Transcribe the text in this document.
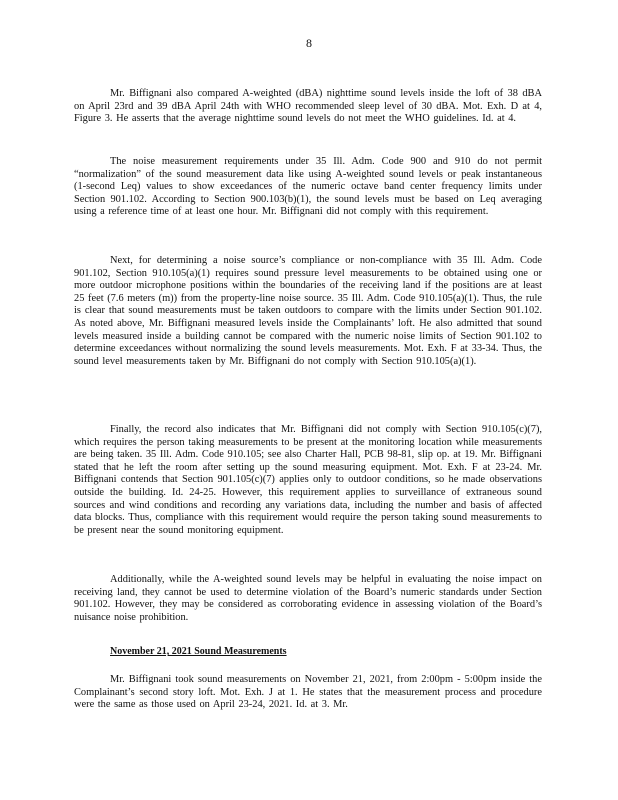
8

Mr. Biffignani also compared A-weighted (dBA) nighttime sound levels inside the loft of 38 dBA on April 23rd and 39 dBA April 24th with WHO recommended sleep level of 30 dBA. Mot. Exh. D at 4, Figure 3. He asserts that the average nighttime sound levels do not meet the WHO guidelines. Id. at 4.

The noise measurement requirements under 35 Ill. Adm. Code 900 and 910 do not permit “normalization” of the sound measurement data like using A-weighted sound levels or peak instantaneous (1-second Leq) values to show exceedances of the numeric octave band center frequency limits under Section 901.102. According to Section 900.103(b)(1), the sound levels must be based on Leq averaging using a reference time of at least one hour. Mr. Biffignani did not comply with this requirement.

Next, for determining a noise source’s compliance or non-compliance with 35 Ill. Adm. Code 901.102, Section 910.105(a)(1) requires sound pressure level measurements to be obtained using one or more outdoor microphone positions within the boundaries of the receiving land if the positions are at least 25 feet (7.6 meters (m)) from the property-line noise source. 35 Ill. Adm. Code 910.105(a)(1). Thus, the rule is clear that sound measurements must be taken outdoors to compare with the limits under Section 901.102. As noted above, Mr. Biffignani measured levels inside the Complainants’ loft. He also admitted that sound levels measured inside a building cannot be compared with the numeric noise limits of Section 901.102 to determine exceedances without normalizing the sound levels measurements. Mot. Exh. F at 33-34. Thus, the sound level measurements taken by Mr. Biffignani do not comply with Section 910.105(a)(1).

Finally, the record also indicates that Mr. Biffignani did not comply with Section 910.105(c)(7), which requires the person taking measurements to be present at the monitoring location while measurements are being taken. 35 Ill. Adm. Code 910.105; see also Charter Hall, PCB 98-81, slip op. at 19. Mr. Biffignani stated that he left the room after setting up the sound measuring equipment. Mot. Exh. F at 23-24. Mr. Biffignani contends that Section 901.105(c)(7) applies only to outdoor conditions, so he made observations outside the building. Id. 24-25. However, this requirement applies to surveillance of extraneous sound sources and wind conditions and recording any variations data, including the number and basis of affected data blocks. Thus, compliance with this requirement would require the person taking sound measurements to be present near the sound monitoring equipment.

Additionally, while the A-weighted sound levels may be helpful in evaluating the noise impact on receiving land, they cannot be used to determine violation of the Board’s numeric standards under Section 901.102. However, they may be considered as corroborating evidence in assessing violation of the Board’s nuisance noise prohibition.

November 21, 2021 Sound Measurements

Mr. Biffignani took sound measurements on November 21, 2021, from 2:00pm - 5:00pm inside the Complainant’s second story loft. Mot. Exh. J at 1. He states that the measurement process and procedure were the same as those used on April 23-24, 2021. Id. at 3. Mr.
